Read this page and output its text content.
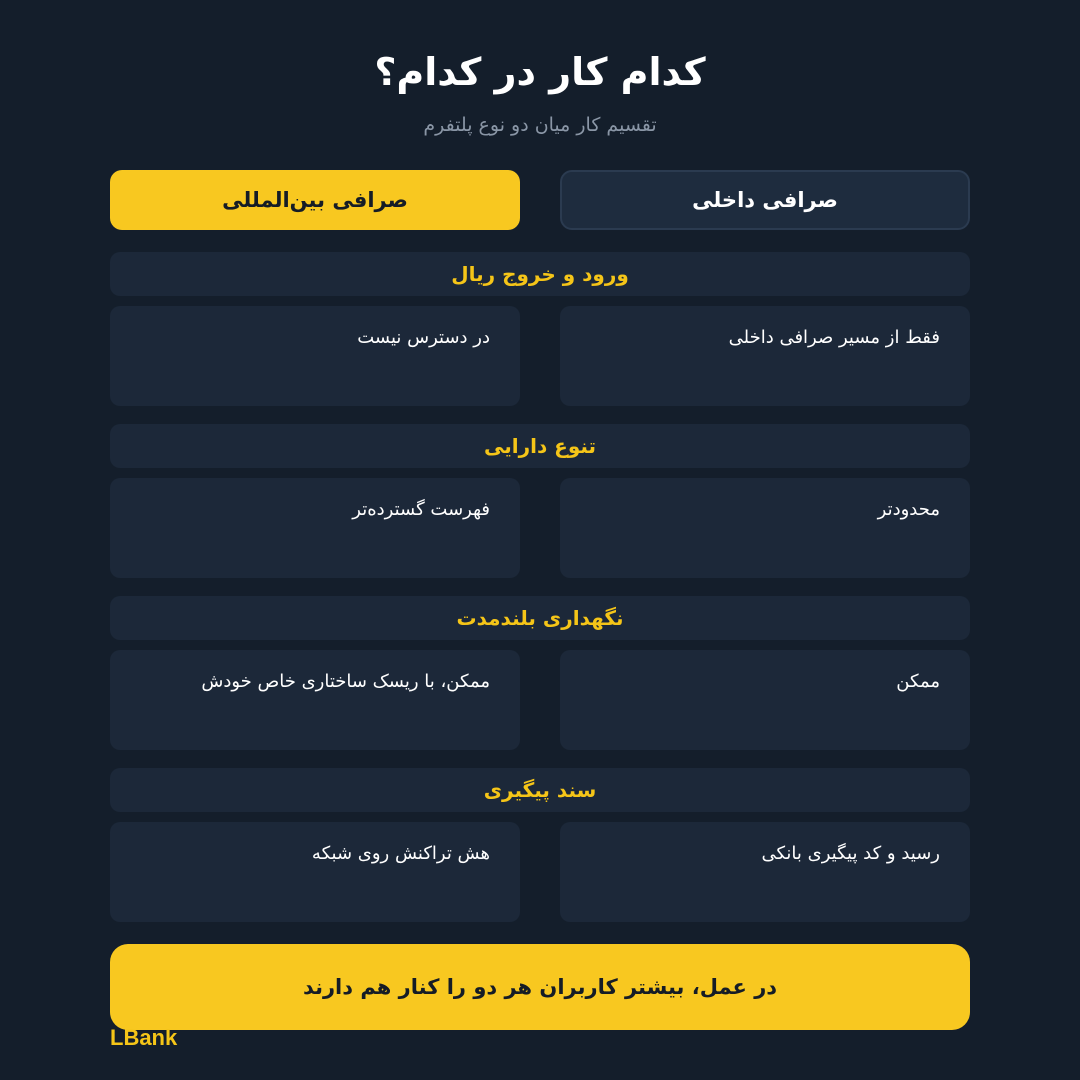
کدام کار در کدام؟
تقسیم کار میان دو نوع پلتفرم
صرافی داخلی
صرافی بین‌المللی
ورود و خروج ریال
فقط از مسیر صرافی داخلی
در دسترس نیست
تنوع دارایی
محدودتر
فهرست گسترده‌تر
نگهداری بلندمدت
ممکن
ممکن، با ریسک ساختاری خاص خودش
سند پیگیری
رسید و کد پیگیری بانکی
هش تراکنش روی شبکه
در عمل، بیشتر کاربران هر دو را کنار هم دارند
LBank
